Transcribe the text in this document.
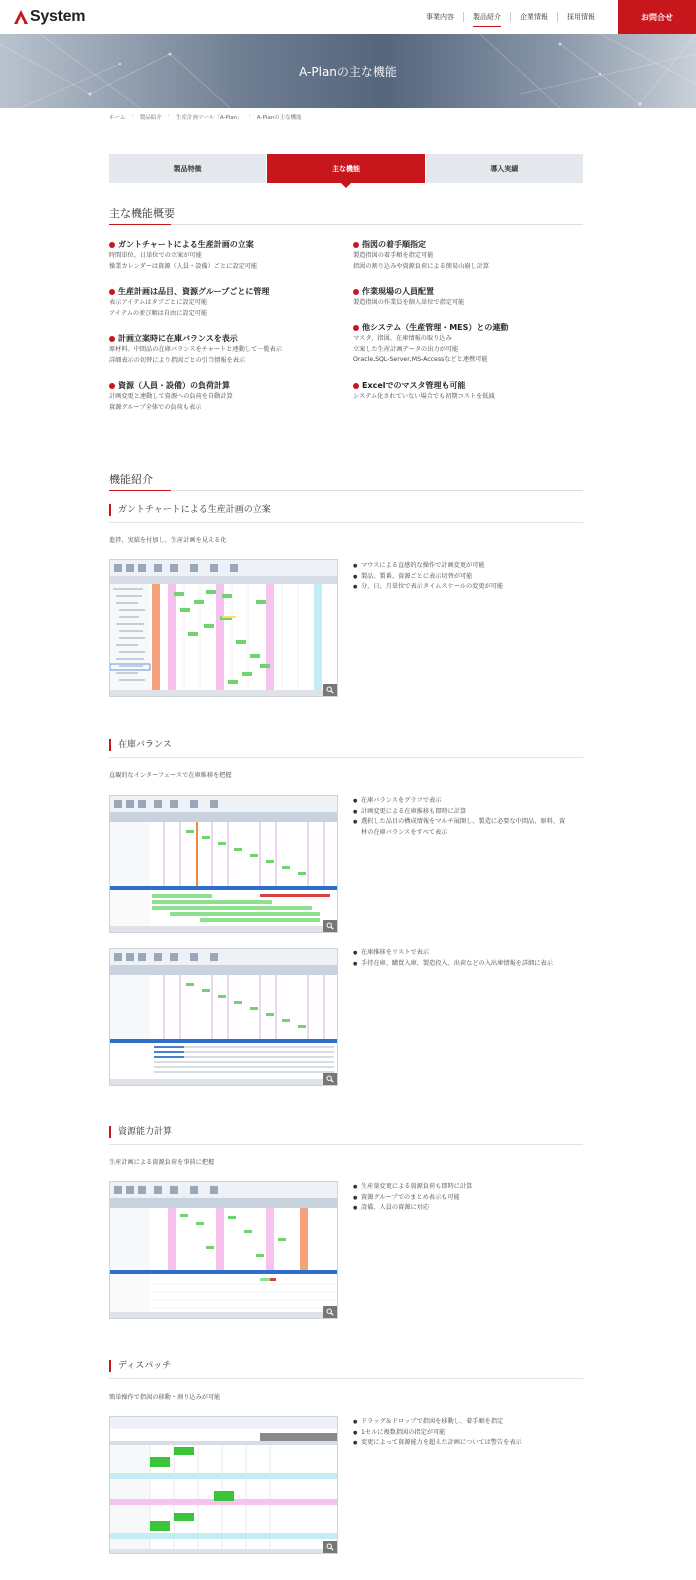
System	事業内容	製品紹介	企業情報	採用情報	お問合せ
A-Planの主な機能
ホーム › 製品紹介 › 生産計画ツール「A-Plan」 › A-Planの主な機能
製品特徴	主な機能	導入実績
主な機能概要
ガントチャートによる生産計画の立案
時間単位、日単位での立案が可能
操業カレンダーは資源（人員・設備）ごとに設定可能
生産計画は品目、資源グループごとに管理
表示アイテムはタブごとに設定可能
アイテムの並び順は自由に設定可能
計画立案時に在庫バランスを表示
原材料、中間品の在庫バランスをチャートと連動して一覧表示
詳細表示の切替により指図ごとの引当情報を表示
資源（人員・設備）の負荷計算
計画変更と連動して資源への負荷を自動計算
資源グループ全体での負荷も表示
指図の着手順指定
製造指図の着手順を指定可能
指図の割り込みや資源負荷による簡易山崩し計算
作業現場の人員配置
製造指図の作業員を個人単位で指定可能
他システム（生産管理・MES）との連動
マスタ、指図、在庫情報の取り込み
立案した生産計画データの出力が可能
Oracle,SQL-Server,MS-Accessなどと連携可能
Excelでのマスタ管理も可能
システム化されていない場合でも初期コストを低減
機能紹介
ガントチャートによる生産計画の立案
進捗、実績を付加し、生産計画を見える化
● マウスによる直感的な操作で計画変更が可能
● 製品、製番、資源ごとに表示切替が可能
● 分、日、月単位で表示タイムスケールの変更が可能
在庫バランス
直観的なインターフェースで在庫推移を把握
● 在庫バランスをグラフで表示
● 計画変更による在庫推移も即時に計算
● 選択した品目の構成情報をマルチ展開し、製造に必要な中間品、原料、資
材の在庫バランスをすべて表示
● 在庫推移をリストで表示
● 手持在庫、購買入庫、製造投入、出荷などの入出庫情報を詳細に表示
資源能力計算
生産計画による資源負荷を事前に把握
● 生産量変更による資源負荷も即時に計算
● 資源グループでのまとめ表示も可能
● 設備、人員の資源に対応
ディスパッチ
簡単操作で指図の移動・割り込みが可能
● ドラッグ＆ドロップで指図を移動し、着手順を指定
● 1セルに複数指図の指定が可能
● 変更によって資源能力を超えた計画については警告を表示
